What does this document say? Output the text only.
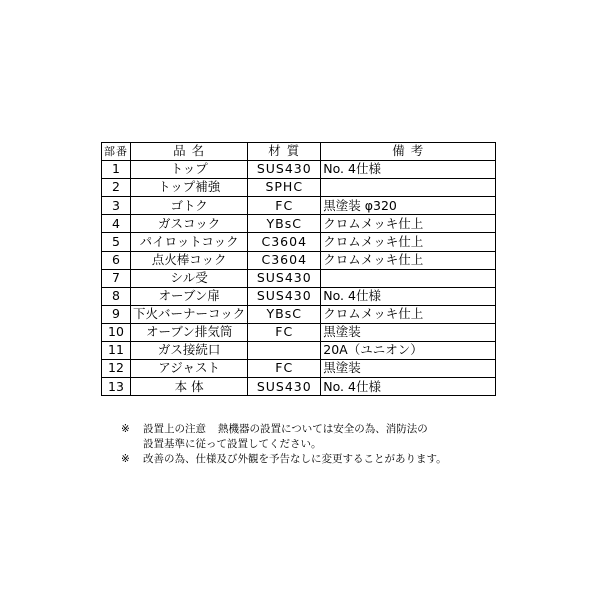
部番	品 名	材 質	備 考
1	トップ	SUS430	No. 4仕様
2	トップ補強	SPHC	
3	ゴトク	FC	黒塗装 φ320
4	ガスコック	YBsC	クロムメッキ仕上
5	パイロットコック	C3604	クロムメッキ仕上
6	点火棒コック	C3604	クロムメッキ仕上
7	シル受	SUS430	
8	オーブン扉	SUS430	No. 4仕様
9	下火バーナーコック	YBsC	クロムメッキ仕上
10	オーブン排気筒	FC	黒塗装
11	ガス接続口		20A（ユニオン）
12	アジャスト	FC	黒塗装
13	本 体	SUS430	No. 4仕様
※ 設置上の注意 熱機器の設置については安全の為、消防法の
設置基準に従って設置してください。
※ 改善の為、仕様及び外観を予告なしに変更することがあります。
